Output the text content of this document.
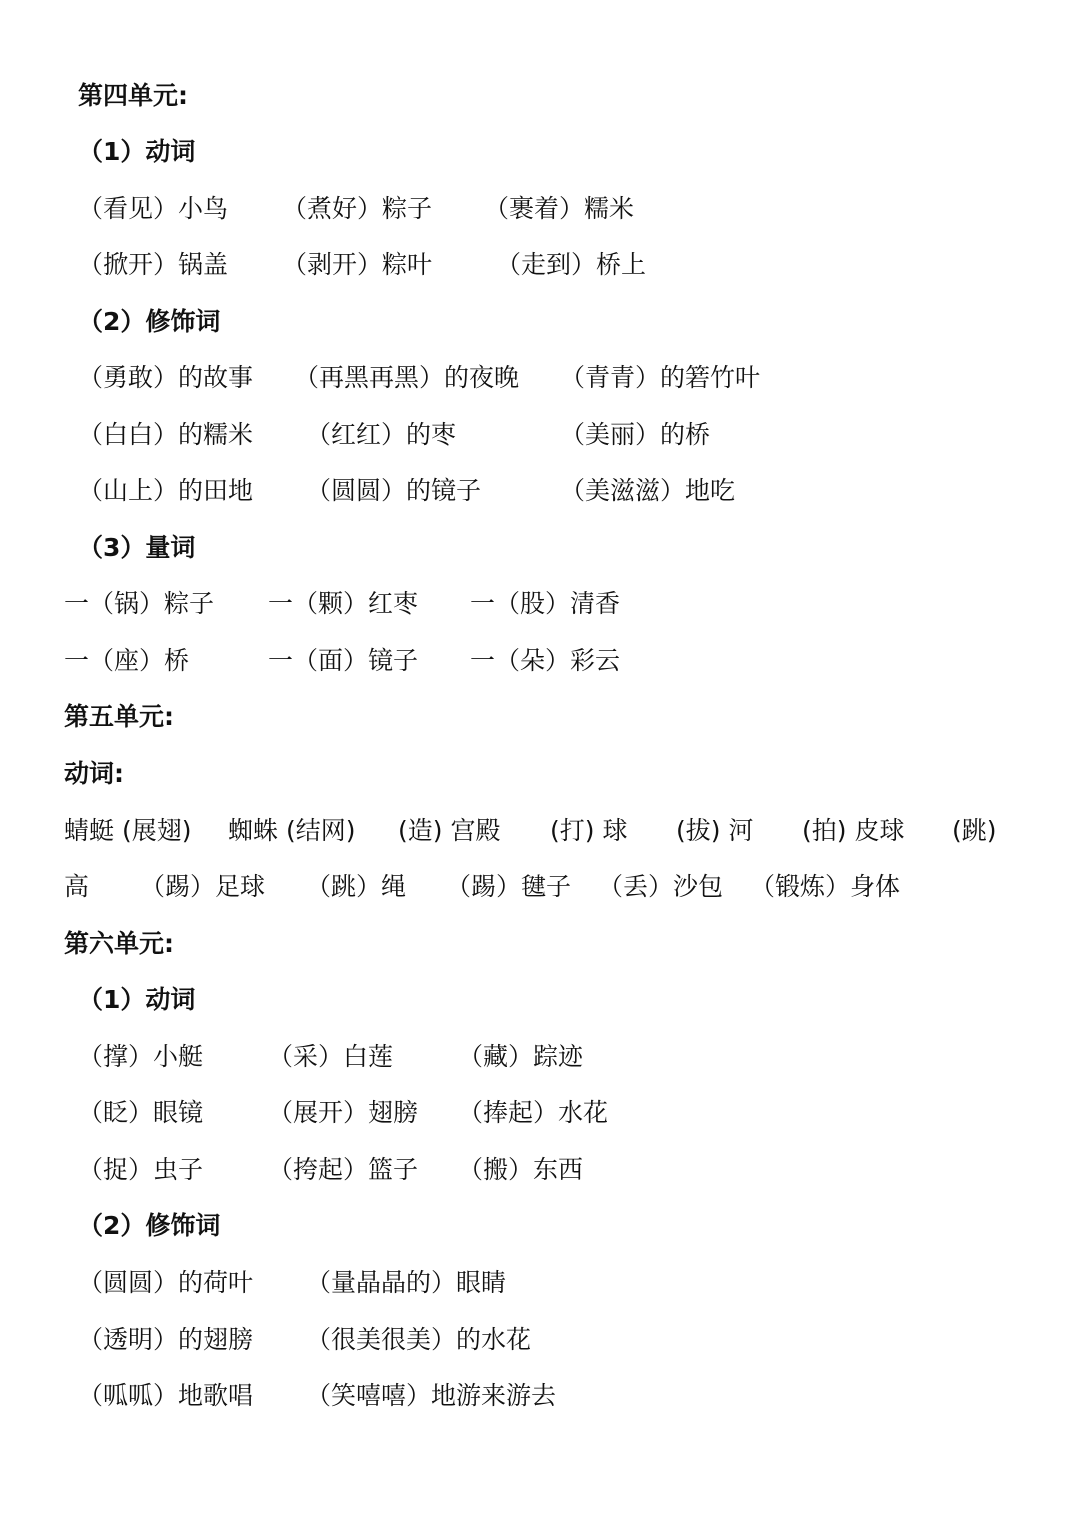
第四单元:
（1）动词
（看见）小鸟 （煮好）粽子 （裹着）糯米
（掀开）锅盖 （剥开）粽叶	（走到）桥上
（2）修饰词
（勇敢）的故事 （再黑再黑）的夜晚 （青青）的箬竹叶
（白白）的糯米 （红红）的枣	（美丽）的桥
（山上）的田地 （圆圆）的镜子	（美滋滋）地吃
（3）量词
一（锅）粽子 一（颗）红枣 一（股）清香
一（座）桥	一（面）镜子 一（朵）彩云
第五单元:
动词:
蜻蜓 (展翅) 蜘蛛 (结网) (造) 宫殿 (打) 球 (拔) 河 (拍) 皮球 (跳)
高 （踢）足球 （跳）绳 （踢）毽子 （丢）沙包 （锻炼）身体
第六单元:
（1）动词
（撑）小艇	（采）白莲	（藏）踪迹
（眨）眼镜	（展开）翅膀 （捧起）水花
（捉）虫子	（挎起）篮子 （搬）东西
（2）修饰词
（圆圆）的荷叶 （量晶晶的）眼睛
（透明）的翅膀 （很美很美）的水花
（呱呱）地歌唱 （笑嘻嘻）地游来游去
